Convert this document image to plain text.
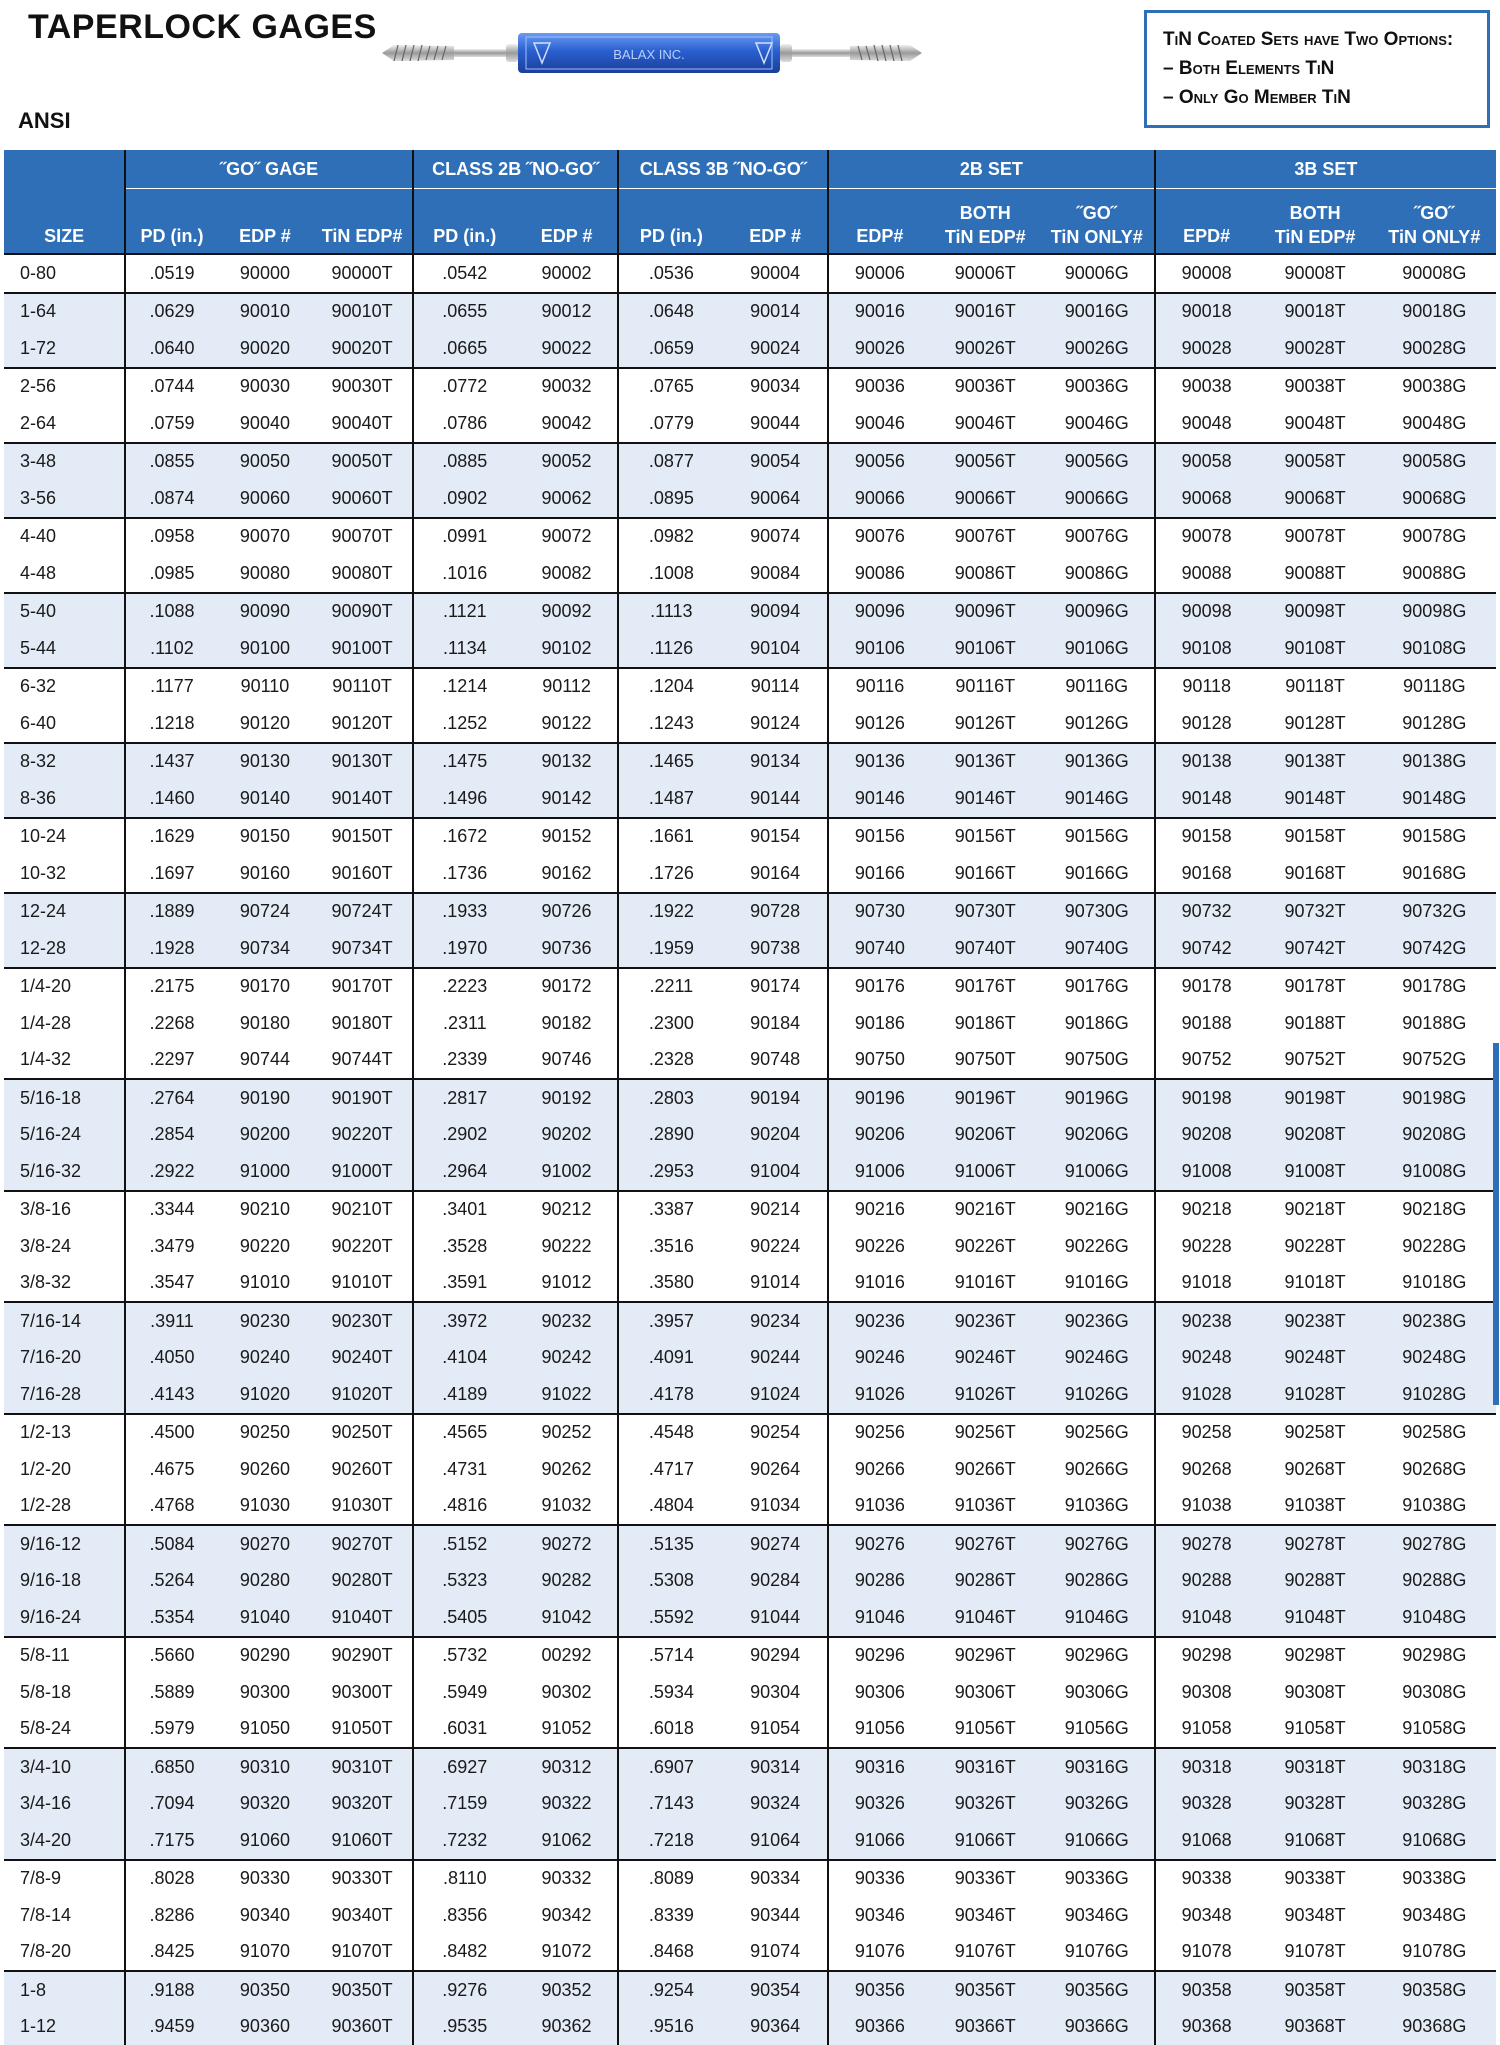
TAPERLOCK GAGES
BALAX INC.
TiN Coated Sets have Two Options:
– Both Elements TiN
– Only Go Member TiN
ANSI
SIZE	˝GO˝ GAGE			CLASS 2B ˝NO-GO˝		CLASS 3B ˝NO-GO˝		2B SET			3B SET		
	PD (in.)	EDP #	TiN EDP#	PD (in.)	EDP #	PD (in.)	EDP #	EDP#	BOTH	˝GO˝	EPD#	BOTH	˝GO˝
									TiN EDP#	TiN ONLY#		TiN EDP#	TiN ONLY#
0-80	.0519	90000	90000T	.0542	90002	.0536	90004	90006	90006T	90006G	90008	90008T	90008G
1-64	.0629	90010	90010T	.0655	90012	.0648	90014	90016	90016T	90016G	90018	90018T	90018G
1-72	.0640	90020	90020T	.0665	90022	.0659	90024	90026	90026T	90026G	90028	90028T	90028G
2-56	.0744	90030	90030T	.0772	90032	.0765	90034	90036	90036T	90036G	90038	90038T	90038G
2-64	.0759	90040	90040T	.0786	90042	.0779	90044	90046	90046T	90046G	90048	90048T	90048G
3-48	.0855	90050	90050T	.0885	90052	.0877	90054	90056	90056T	90056G	90058	90058T	90058G
3-56	.0874	90060	90060T	.0902	90062	.0895	90064	90066	90066T	90066G	90068	90068T	90068G
4-40	.0958	90070	90070T	.0991	90072	.0982	90074	90076	90076T	90076G	90078	90078T	90078G
4-48	.0985	90080	90080T	.1016	90082	.1008	90084	90086	90086T	90086G	90088	90088T	90088G
5-40	.1088	90090	90090T	.1121	90092	.1113	90094	90096	90096T	90096G	90098	90098T	90098G
5-44	.1102	90100	90100T	.1134	90102	.1126	90104	90106	90106T	90106G	90108	90108T	90108G
6-32	.1177	90110	90110T	.1214	90112	.1204	90114	90116	90116T	90116G	90118	90118T	90118G
6-40	.1218	90120	90120T	.1252	90122	.1243	90124	90126	90126T	90126G	90128	90128T	90128G
8-32	.1437	90130	90130T	.1475	90132	.1465	90134	90136	90136T	90136G	90138	90138T	90138G
8-36	.1460	90140	90140T	.1496	90142	.1487	90144	90146	90146T	90146G	90148	90148T	90148G
10-24	.1629	90150	90150T	.1672	90152	.1661	90154	90156	90156T	90156G	90158	90158T	90158G
10-32	.1697	90160	90160T	.1736	90162	.1726	90164	90166	90166T	90166G	90168	90168T	90168G
12-24	.1889	90724	90724T	.1933	90726	.1922	90728	90730	90730T	90730G	90732	90732T	90732G
12-28	.1928	90734	90734T	.1970	90736	.1959	90738	90740	90740T	90740G	90742	90742T	90742G
1/4-20	.2175	90170	90170T	.2223	90172	.2211	90174	90176	90176T	90176G	90178	90178T	90178G
1/4-28	.2268	90180	90180T	.2311	90182	.2300	90184	90186	90186T	90186G	90188	90188T	90188G
1/4-32	.2297	90744	90744T	.2339	90746	.2328	90748	90750	90750T	90750G	90752	90752T	90752G
5/16-18	.2764	90190	90190T	.2817	90192	.2803	90194	90196	90196T	90196G	90198	90198T	90198G
5/16-24	.2854	90200	90220T	.2902	90202	.2890	90204	90206	90206T	90206G	90208	90208T	90208G
5/16-32	.2922	91000	91000T	.2964	91002	.2953	91004	91006	91006T	91006G	91008	91008T	91008G
3/8-16	.3344	90210	90210T	.3401	90212	.3387	90214	90216	90216T	90216G	90218	90218T	90218G
3/8-24	.3479	90220	90220T	.3528	90222	.3516	90224	90226	90226T	90226G	90228	90228T	90228G
3/8-32	.3547	91010	91010T	.3591	91012	.3580	91014	91016	91016T	91016G	91018	91018T	91018G
7/16-14	.3911	90230	90230T	.3972	90232	.3957	90234	90236	90236T	90236G	90238	90238T	90238G
7/16-20	.4050	90240	90240T	.4104	90242	.4091	90244	90246	90246T	90246G	90248	90248T	90248G
7/16-28	.4143	91020	91020T	.4189	91022	.4178	91024	91026	91026T	91026G	91028	91028T	91028G
1/2-13	.4500	90250	90250T	.4565	90252	.4548	90254	90256	90256T	90256G	90258	90258T	90258G
1/2-20	.4675	90260	90260T	.4731	90262	.4717	90264	90266	90266T	90266G	90268	90268T	90268G
1/2-28	.4768	91030	91030T	.4816	91032	.4804	91034	91036	91036T	91036G	91038	91038T	91038G
9/16-12	.5084	90270	90270T	.5152	90272	.5135	90274	90276	90276T	90276G	90278	90278T	90278G
9/16-18	.5264	90280	90280T	.5323	90282	.5308	90284	90286	90286T	90286G	90288	90288T	90288G
9/16-24	.5354	91040	91040T	.5405	91042	.5592	91044	91046	91046T	91046G	91048	91048T	91048G
5/8-11	.5660	90290	90290T	.5732	00292	.5714	90294	90296	90296T	90296G	90298	90298T	90298G
5/8-18	.5889	90300	90300T	.5949	90302	.5934	90304	90306	90306T	90306G	90308	90308T	90308G
5/8-24	.5979	91050	91050T	.6031	91052	.6018	91054	91056	91056T	91056G	91058	91058T	91058G
3/4-10	.6850	90310	90310T	.6927	90312	.6907	90314	90316	90316T	90316G	90318	90318T	90318G
3/4-16	.7094	90320	90320T	.7159	90322	.7143	90324	90326	90326T	90326G	90328	90328T	90328G
3/4-20	.7175	91060	91060T	.7232	91062	.7218	91064	91066	91066T	91066G	91068	91068T	91068G
7/8-9	.8028	90330	90330T	.8110	90332	.8089	90334	90336	90336T	90336G	90338	90338T	90338G
7/8-14	.8286	90340	90340T	.8356	90342	.8339	90344	90346	90346T	90346G	90348	90348T	90348G
7/8-20	.8425	91070	91070T	.8482	91072	.8468	91074	91076	91076T	91076G	91078	91078T	91078G
1-8	.9188	90350	90350T	.9276	90352	.9254	90354	90356	90356T	90356G	90358	90358T	90358G
1-12	.9459	90360	90360T	.9535	90362	.9516	90364	90366	90366T	90366G	90368	90368T	90368G
